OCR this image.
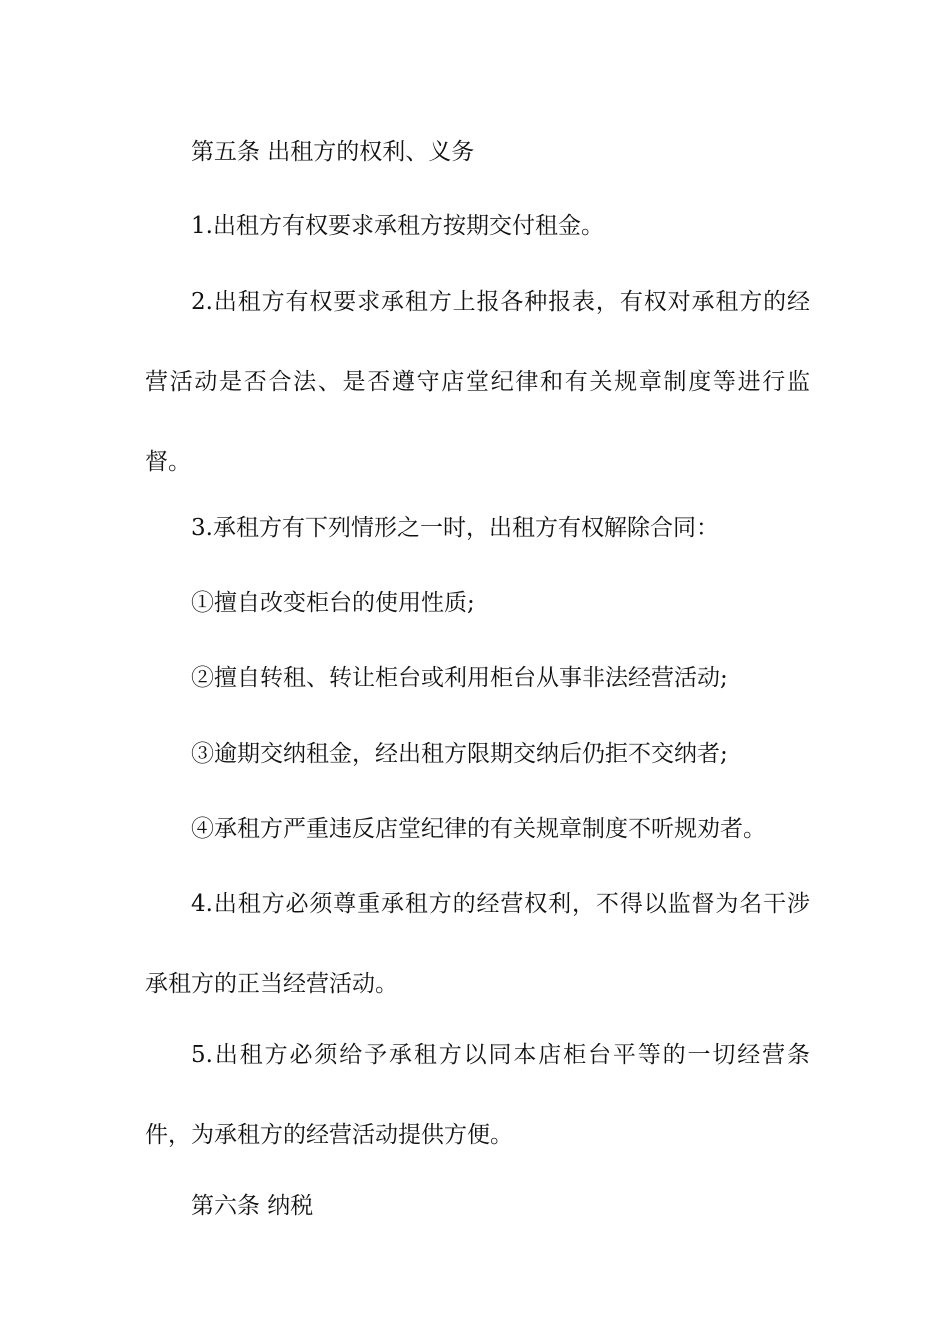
第五条 出租方的权利、义务

1.出租方有权要求承租方按期交付租金。

2.出租方有权要求承租方上报各种报表，有权对承租方的经营活动是否合法、是否遵守店堂纪律和有关规章制度等进行监督。

3.承租方有下列情形之一时，出租方有权解除合同：

①擅自改变柜台的使用性质;

②擅自转租、转让柜台或利用柜台从事非法经营活动;

③逾期交纳租金，经出租方限期交纳后仍拒不交纳者;

④承租方严重违反店堂纪律的有关规章制度不听规劝者。

4.出租方必须尊重承租方的经营权利，不得以监督为名干涉承租方的正当经营活动。

5.出租方必须给予承租方以同本店柜台平等的一切经营条件，为承租方的经营活动提供方便。

第六条 纳税
